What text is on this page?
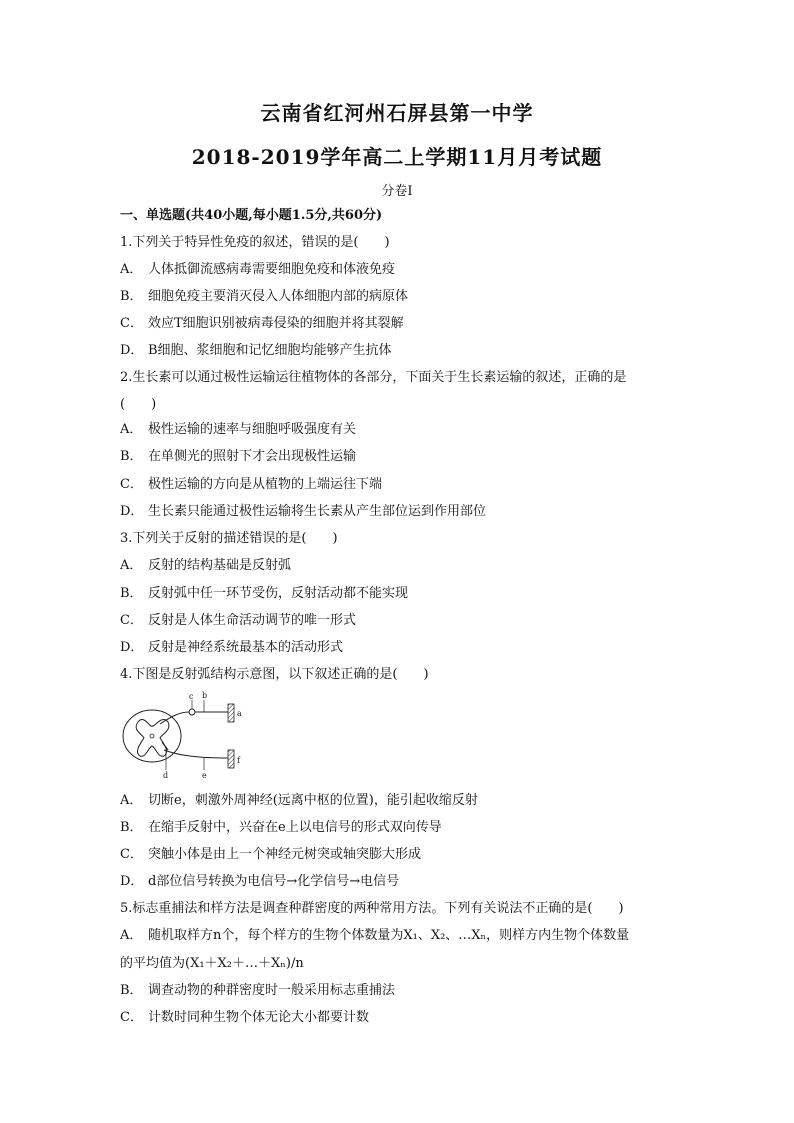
云南省红河州石屏县第一中学
2018-2019学年高二上学期11月月考试题
分卷I
一、单选题(共40小题,每小题1.5分,共60分)
1.下列关于特异性免疫的叙述，错误的是(　　)
A． 人体抵御流感病毒需要细胞免疫和体液免疫
B． 细胞免疫主要消灭侵入人体细胞内部的病原体
C． 效应T细胞识别被病毒侵染的细胞并将其裂解
D． B细胞、浆细胞和记忆细胞均能够产生抗体
2.生长素可以通过极性运输运往植物体的各部分，下面关于生长素运输的叙述，正确的是
(　　)
A． 极性运输的速率与细胞呼吸强度有关
B． 在单侧光的照射下才会出现极性运输
C． 极性运输的方向是从植物的上端运往下端
D． 生长素只能通过极性运输将生长素从产生部位运到作用部位
3.下列关于反射的描述错误的是(　　)
A． 反射的结构基础是反射弧
B． 反射弧中任一环节受伤，反射活动都不能实现
C． 反射是人体生命活动调节的唯一形式
D． 反射是神经系统最基本的活动形式
4.下图是反射弧结构示意图，以下叙述正确的是(　　)
c b
a
f
d	e
A． 切断e，刺激外周神经(远离中枢的位置)，能引起收缩反射
B． 在缩手反射中，兴奋在e上以电信号的形式双向传导
C． 突触小体是由上一个神经元树突或轴突膨大形成
D． d部位信号转换为电信号→化学信号→电信号
5.标志重捕法和样方法是调查种群密度的两种常用方法。下列有关说法不正确的是(　　)
A． 随机取样方n个，每个样方的生物个体数量为X₁、X₂、…Xₙ，则样方内生物个体数量
的平均值为(X₁＋X₂＋…＋Xₙ)/n
B． 调查动物的种群密度时一般采用标志重捕法
C． 计数时同种生物个体无论大小都要计数
